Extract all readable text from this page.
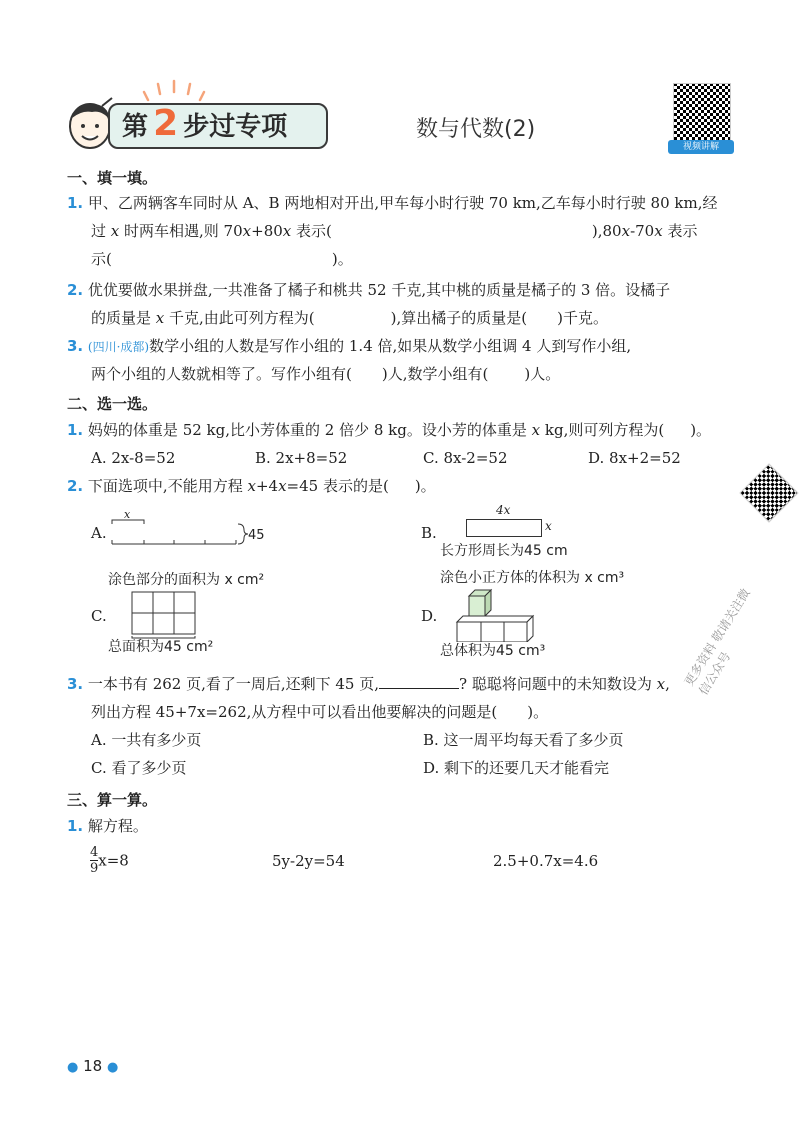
第 2 步过专项	数与代数(2)
视频讲解
一、填一填。
1. 甲、乙两辆客车同时从 A、B 两地相对开出,甲车每小时行驶 70 km,乙车每小时行驶 80 km,经
过 x 时两车相遇,则 70x+80x 表示(	),80x-70x 表示
示(	)。
2. 优优要做水果拼盘,一共准备了橘子和桃共 52 千克,其中桃的质量是橘子的 3 倍。设橘子
的质量是 x 千克,由此可列方程为(	),算出橘子的质量是( )千克。
3. (四川·成都)数学小组的人数是写作小组的 1.4 倍,如果从数学小组调 4 人到写作小组,
两个小组的人数就相等了。写作小组有( )人,数学小组有( )人。
二、选一选。
1. 妈妈的体重是 52 kg,比小芳体重的 2 倍少 8 kg。设小芳的体重是 x kg,则可列方程为( )。
A. 2x-8=52	B. 2x+8=52	C. 8x-2=52	D. 8x+2=52
2. 下面选项中,不能用方程 x+4x=45 表示的是( )。
A.
x
45	B.
4x
x
长方形周长为45 cm
涂色部分的面积为 x cm²	涂色小正方体的体积为 x cm³
C.
总面积为45 cm²
D.
总体积为45 cm³
3. 一本书有 262 页,看了一周后,还剩下 45 页,	? 聪聪将问题中的未知数设为 x,
列出方程 45+7x=262,从方程中可以看出他要解决的问题是( )。
A. 一共有多少页	B. 这一周平均每天看了多少页
C. 看了多少页	D. 剩下的还要几天才能看完
三、算一算。
1. 解方程。
$\frac{4}{9} x=8$	5y-2y=54	2.5+0.7x=4.6
更多资料 敬请关注微信公众号
● 18 ●
